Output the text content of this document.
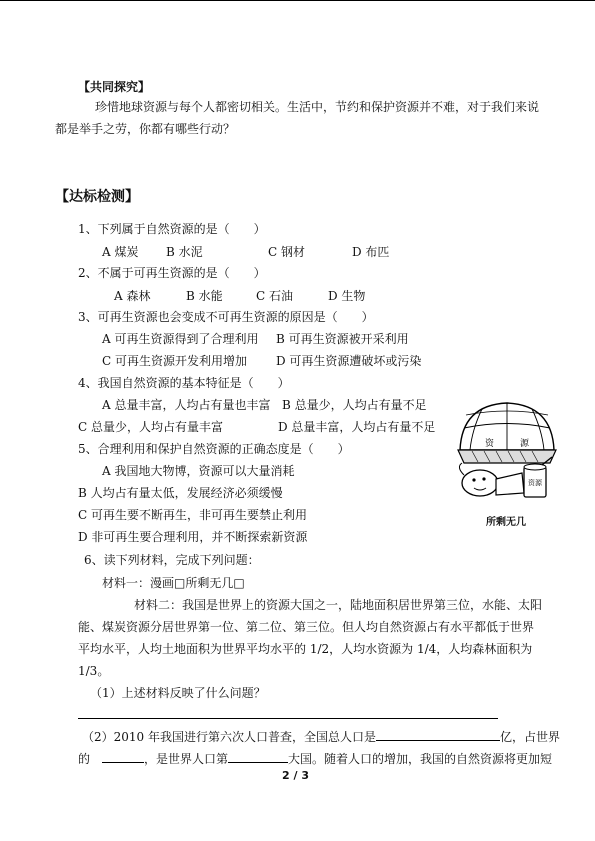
【共同探究】
珍惜地球资源与每个人都密切相关。生活中，节约和保护资源并不难，对于我们来说
都是举手之劳，你都有哪些行动？
【达标检测】
1、下列属于自然资源的是（　　）
A 煤炭 B 水泥	C 钢材	D 布匹
2、不属于可再生资源的是（　　）
A 森林	B 水能	C 石油	D 生物
3、可再生资源也会变成不可再生资源的原因是（　　）
A 可再生资源得到了合理利用 B 可再生资源被开采利用
C 可再生资源开发利用增加 D 可再生资源遭破坏或污染
4、我国自然资源的基本特征是（　　）
A 总量丰富，人均占有量也丰富 B 总量少，人均占有量不足
C 总量少，人均占有量丰富	D 总量丰富，人均占有量不足
5、合理利用和保护自然资源的正确态度是（　　）
A 我国地大物博，资源可以大量消耗
B 人均占有量太低，发展经济必须缓慢
C 可再生要不断再生，非可再生要禁止利用
D 非可再生要合理利用，并不断探索新资源
资	源
资源
所剩无几
6、读下列材料，完成下列问题：
材料一：漫画□所剩无几□
材料二：我国是世界上的资源大国之一，陆地面积居世界第三位，水能、太阳
能、煤炭资源分居世界第一位、第二位、第三位。但人均自然资源占有水平都低于世界
平均水平，人均土地面积为世界平均水平的 1/2，人均水资源为 1/4，人均森林面积为
1/3。
（1）上述材料反映了什么问题？
（2）2010 年我国进行第六次人口普查，全国总人口是	亿，占世界
的	，是世界人口第	大国。随着人口的增加，我国的自然资源将更加短
2 / 3
